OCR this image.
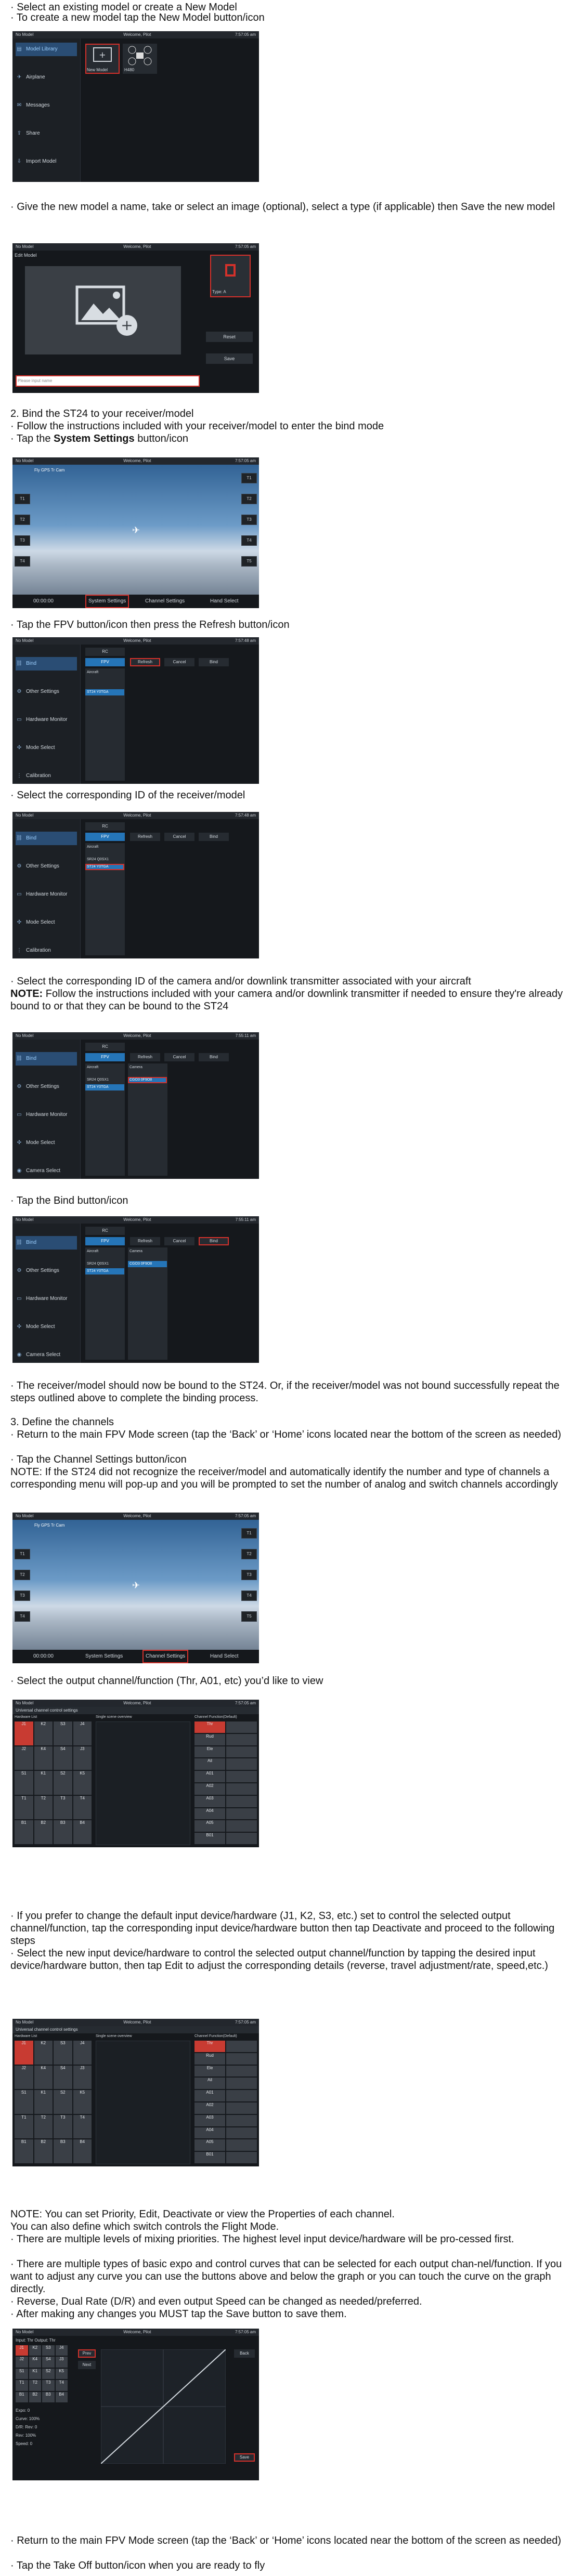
· Select an existing model or create a New Model

· To create a new model tap the New Model button/icon

No Model	Welcome, Pilot	7:57:05 am
▤ Model Library
✈ Airplane
✉ Messages
⇪ Share
⇩ Import Model
+
New Model	H480

· Give the new model a name, take or select an image (optional), select a type (if applicable) then Save the new model

No Model	Welcome, Pilot	7:57:05 am
Edit Model
+
Type: A
Reset
Save
Please input name

2. Bind the ST24 to your receiver/model

· Follow the instructions included with your receiver/model to enter the bind mode

· Tap the System Settings button/icon

No Model	Welcome, Pilot	7:57:05 am
Fly GPS Tr Cam
✈
T1
T2
T3
T4
T5
T1
T2
T3
T4
00:00:00	System Settings	Channel Settings	Hand Select

· Tap the FPV button/icon then press the Refresh button/icon

No Model	Welcome, Pilot	7:57:48 am
⛓ Bind
⚙ Other Settings
▭ Hardware Monitor
✣ Mode Select
⋮ Calibration
RC
FPV	Refresh	Cancel	Bind
Aircraft
ST24 Y0TGA

· Select the corresponding ID of the receiver/model

No Model	Welcome, Pilot	7:57:48 am
⛓ Bind
⚙ Other Settings
▭ Hardware Monitor
✣ Mode Select
⋮ Calibration
RC
FPV	Refresh	Cancel	Bind
Aircraft
SR24 Q0SX1
ST24 Y0TGA

· Select the corresponding ID of the camera and/or downlink transmitter associated with your aircraft

NOTE: Follow the instructions included with your camera and/or downlink transmitter if needed to ensure they're already bound to or that they can be bound to the ST24

No Model	Welcome, Pilot	7:55:11 am
⛓ Bind
⚙ Other Settings
▭ Hardware Monitor
✣ Mode Select
◉ Camera Select
RC
FPV	Refresh	Cancel	Bind
Aircraft
SR24 Q0SX1
ST24 Y0TGA
Camera
CGO3 0F9O8

· Tap the Bind button/icon

No Model	Welcome, Pilot	7:55:11 am
⛓ Bind
⚙ Other Settings
▭ Hardware Monitor
✣ Mode Select
◉ Camera Select
RC
FPV	Refresh	Cancel	Bind
Aircraft
SR24 Q0SX1
ST24 Y0TGA
Camera
CGO3 0F9O8

· The receiver/model should now be bound to the ST24. Or, if the receiver/model was not bound successfully repeat the steps outlined above to complete the binding process.

3. Define the channels

· Return to the main FPV Mode screen (tap the ‘Back’ or ‘Home’ icons located near the bottom of the screen as needed)

· Tap the Channel Settings button/icon

NOTE: If the ST24 did not recognize the receiver/model and automatically identify the number and type of channels a corresponding menu will pop-up and you will be prompted to set the number of analog and switch channels accordingly

No Model	Welcome, Pilot	7:57:05 am
Fly GPS Tr Cam
✈
T1
T2
T3
T4
T5
T1
T2
T3
T4
00:00:00	System Settings	Channel Settings	Hand Select

· Select the output channel/function (Thr, A01, etc) you’d like to view

No Model	Welcome, Pilot	7:57:05 am
Universal channel control settings
Hardware List
J1	K2	S3	J4
J2	K4	S4	J3
S1	K1	S2	K5
T1	T2	T3	T4
B1	B2	B3	B4
Single scene overview	Channel Function(Default)
Thr
Rud
Ele
Ail
A01
A02
A03
A04
A05
B01

· If you prefer to change the default input device/hardware (J1, K2, S3, etc.) set to control the selected output channel/function, tap the corresponding input device/hardware button then tap Deactivate and proceed to the following steps

· Select the new input device/hardware to control the selected output channel/function by tapping the desired input device/hardware button, then tap Edit to adjust the corresponding details (reverse, travel adjustment/rate, speed,etc.)

No Model	Welcome, Pilot	7:57:05 am
Universal channel control settings
Hardware List
J1	K2	S3	J4
J2	K4	S4	J3
S1	K1	S2	K5
T1	T2	T3	T4
B1	B2	B3	B4
Single scene overview	Channel Function(Default)
Thr
Rud
Ele
Ail
A01
A02
A03
A04
A05
B01

NOTE: You can set Priority, Edit, Deactivate or view the Properties of each channel.

You can also define which switch controls the Flight Mode.

· There are multiple levels of mixing priorities. The highest level input device/hardware will be pro-cessed first.

· There are multiple types of basic expo and control curves that can be selected for each output chan-nel/function. If you want to adjust any curve you can use the buttons above and below the graph or you can touch the curve on the graph directly.

· Reverse, Dual Rate (D/R) and even output Speed can be changed as needed/preferred.

· After making any changes you MUST tap the Save button to save them.

No Model	Welcome, Pilot	7:57:05 am
Input: Thr Output: Thr
J1	K2	S3	J4
J2	K4	S4	J3
S1	K1	S2	K5
T1	T2	T3	T4
B1	B2	B3	B4
Expo: 0
Curve: 100%
D/R: Rev: 0
Rev: 100%
Speed: 0
Prev
Next
Back
Save

· Return to the main FPV Mode screen (tap the ‘Back’ or ‘Home’ icons located near the bottom of the screen as needed)

· Tap the Take Off button/icon when you are ready to fly
